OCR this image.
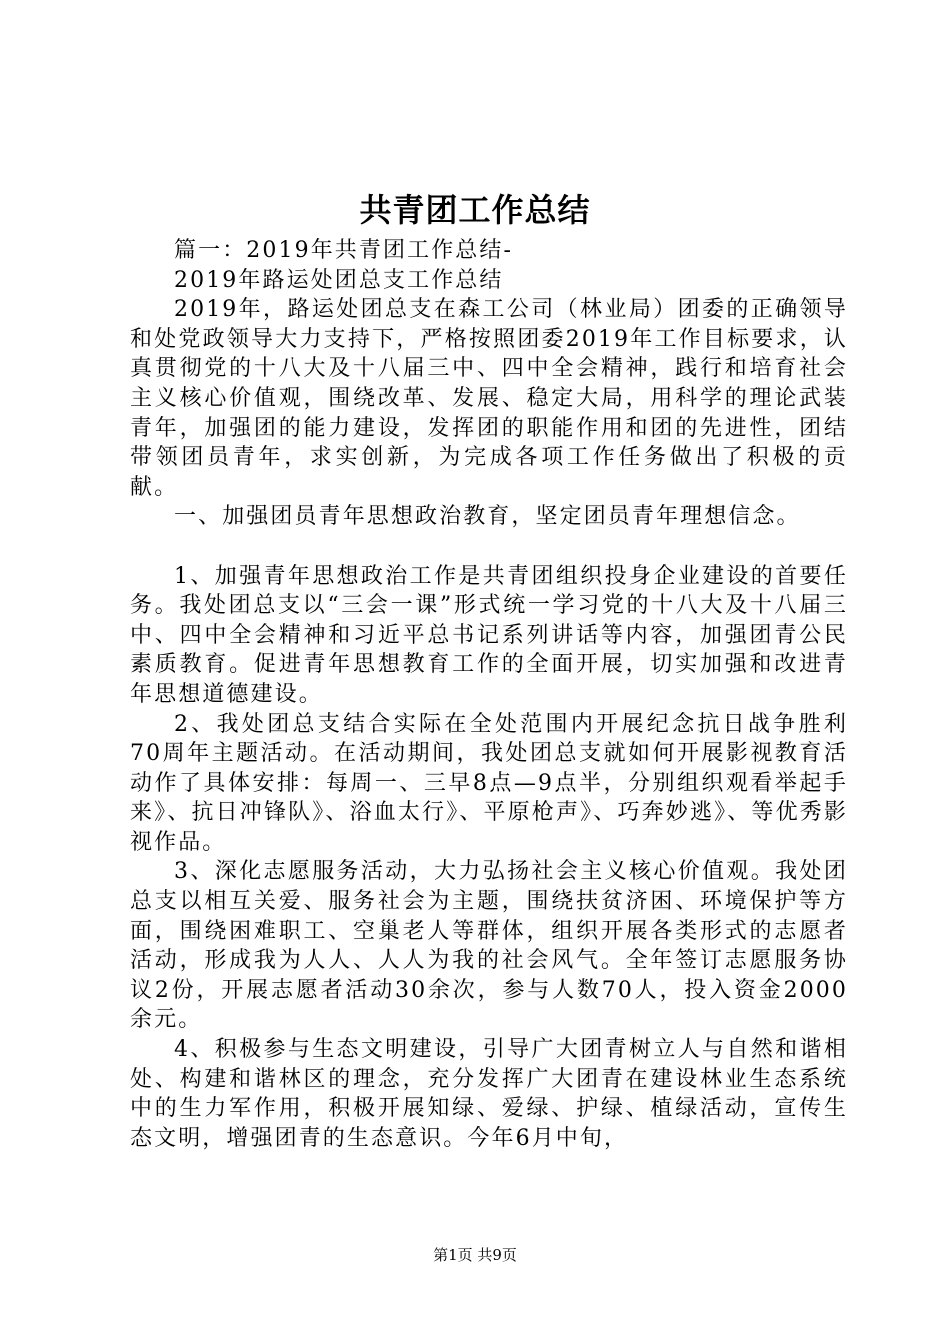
共青团工作总结

篇一：2019年共青团工作总结-

2019年路运处团总支工作总结

2019年，路运处团总支在森工公司（林业局）团委的正确领导和处党政领导大力支持下，严格按照团委2019年工作目标要求，认真贯彻党的十八大及十八届三中、四中全会精神，践行和培育社会主义核心价值观，围绕改革、发展、稳定大局，用科学的理论武装青年，加强团的能力建设，发挥团的职能作用和团的先进性，团结带领团员青年，求实创新，为完成各项工作任务做出了积极的贡献。

一、加强团员青年思想政治教育，坚定团员青年理想信念。

1、加强青年思想政治工作是共青团组织投身企业建设的首要任务。我处团总支以“三会一课”形式统一学习党的十八大及十八届三中、四中全会精神和习近平总书记系列讲话等内容，加强团青公民素质教育。促进青年思想教育工作的全面开展，切实加强和改进青年思想道德建设。

2、我处团总支结合实际在全处范围内开展纪念抗日战争胜利70周年主题活动。在活动期间，我处团总支就如何开展影视教育活动作了具体安排：每周一、三早8点—9点半，分别组织观看举起手来》、抗日冲锋队》、浴血太行》、平原枪声》、巧奔妙逃》、等优秀影视作品。

3、深化志愿服务活动，大力弘扬社会主义核心价值观。我处团总支以相互关爱、服务社会为主题，围绕扶贫济困、环境保护等方面，围绕困难职工、空巢老人等群体，组织开展各类形式的志愿者活动，形成我为人人、人人为我的社会风气。全年签订志愿服务协议2份，开展志愿者活动30余次，参与人数70人，投入资金2000余元。

4、积极参与生态文明建设，引导广大团青树立人与自然和谐相处、构建和谐林区的理念，充分发挥广大团青在建设林业生态系统中的生力军作用，积极开展知绿、爱绿、护绿、植绿活动，宣传生态文明，增强团青的生态意识。今年6月中旬，

第1页 共9页
